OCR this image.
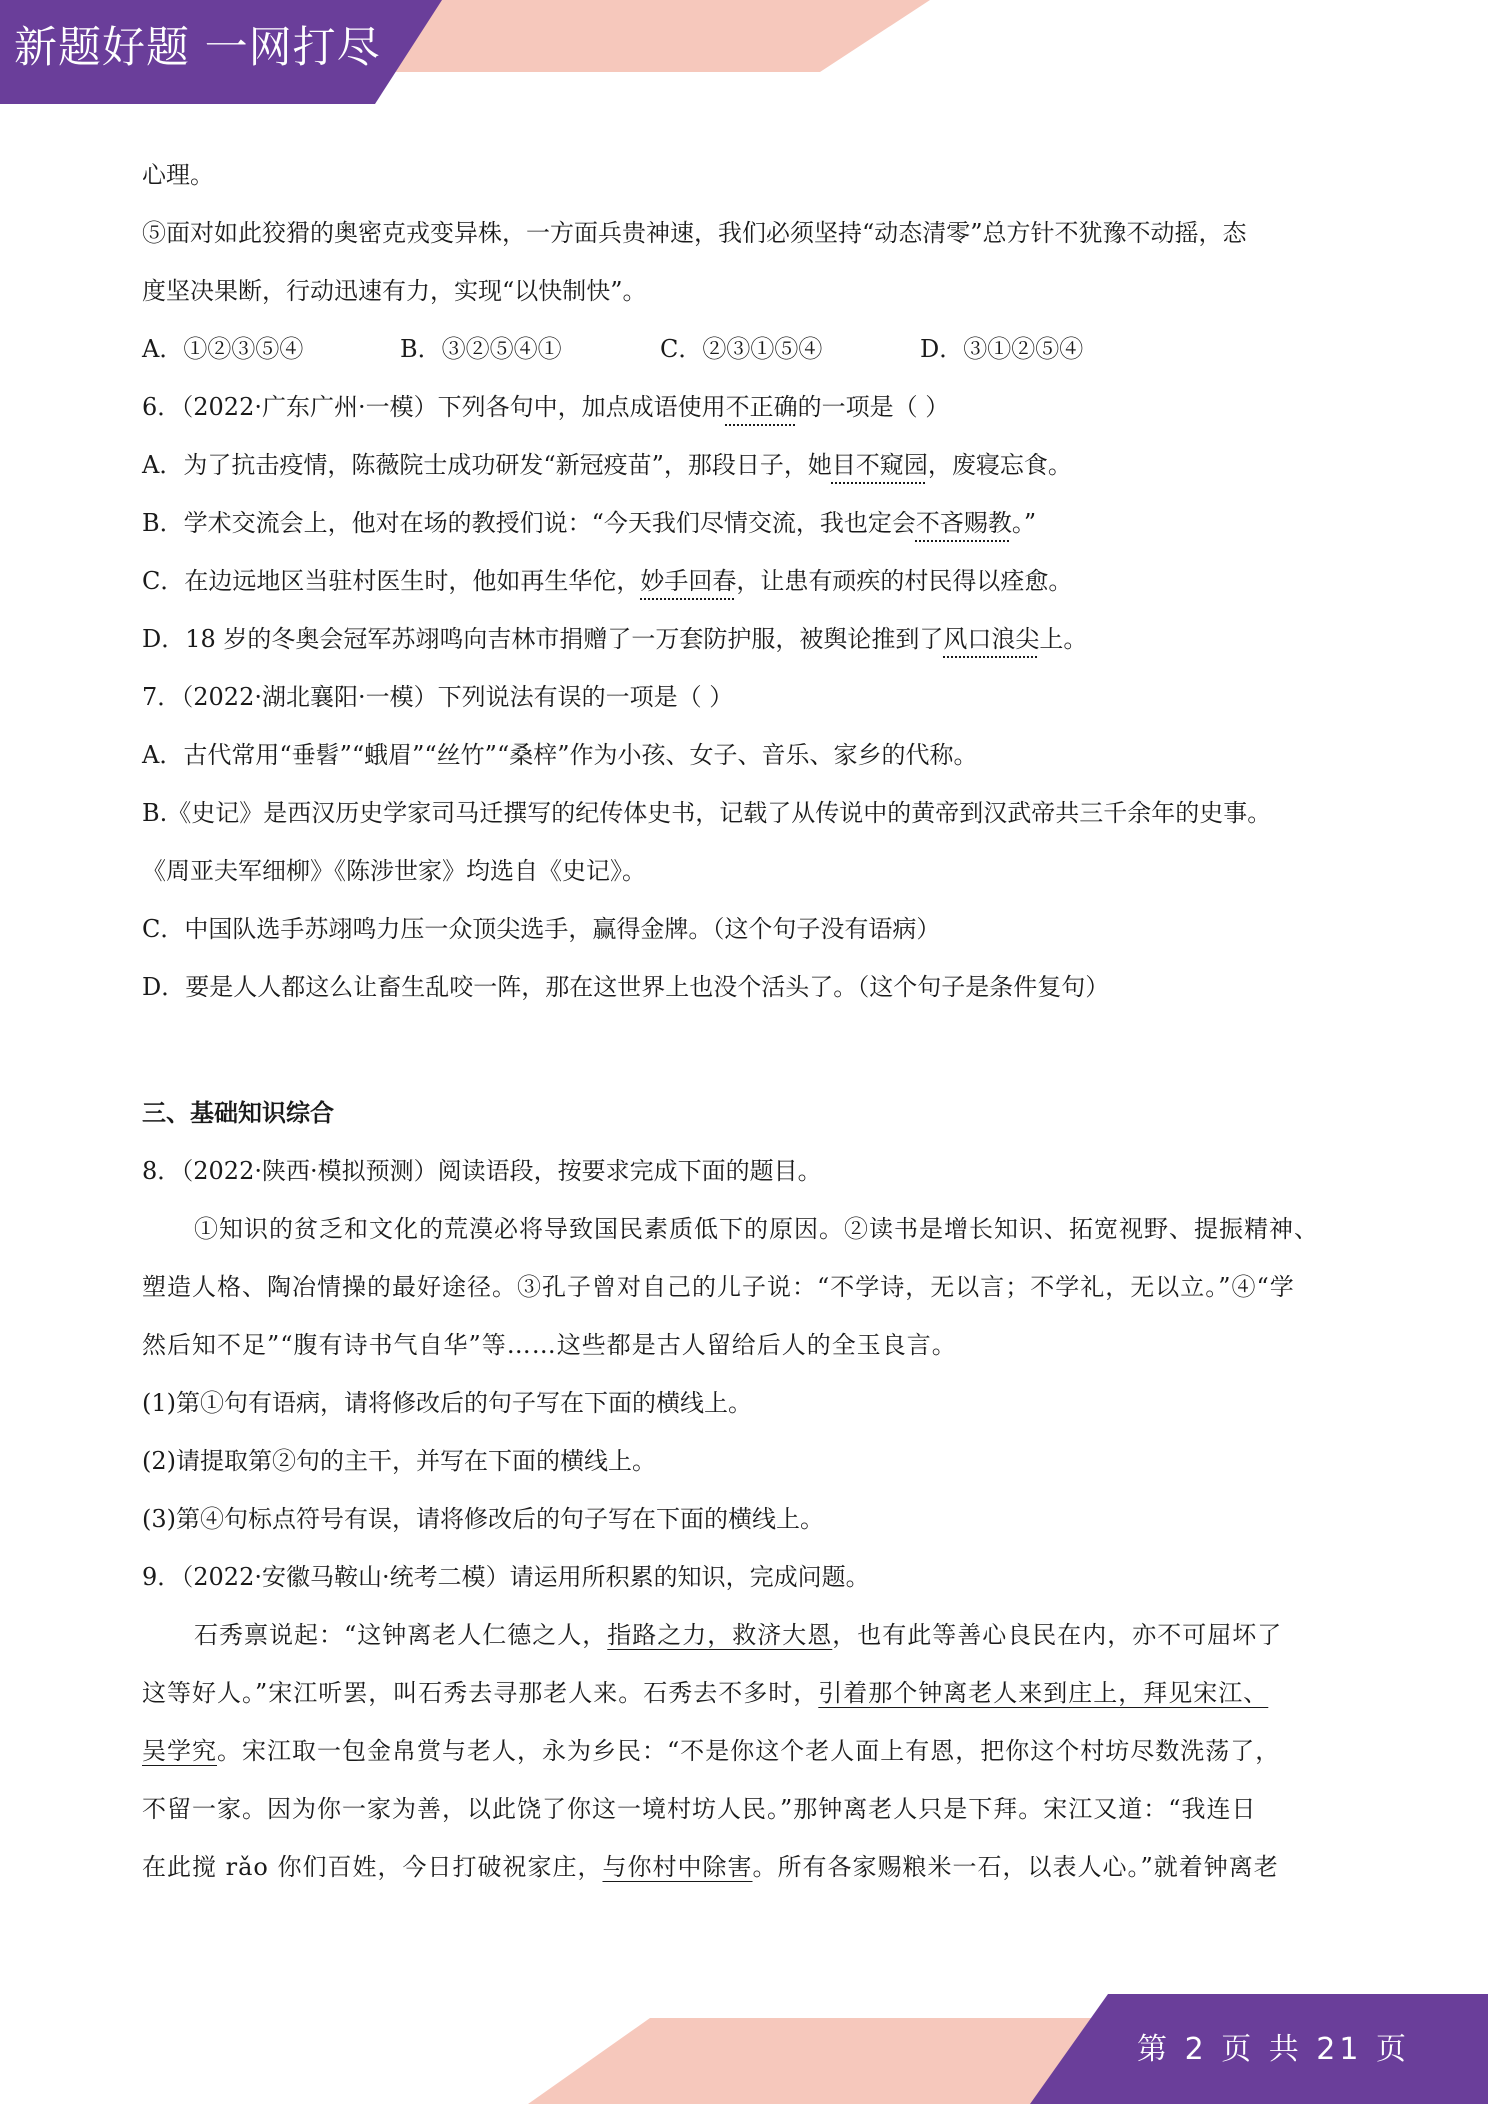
新题好题 一网打尽
心理。
⑤面对如此狡猾的奥密克戎变异株，一方面兵贵神速，我们必须坚持“动态清零”总方针不犹豫不动摇，态
度坚决果断，行动迅速有力，实现“以快制快”。
A．①②③⑤④	B．③②⑤④①	C．②③①⑤④	D．③①②⑤④
6．（2022·广东广州·一模）下列各句中，加点成语使用不正确的一项是（ ）
A．为了抗击疫情，陈薇院士成功研发“新冠疫苗”，那段日子，她目不窥园，废寝忘食。
B．学术交流会上，他对在场的教授们说：“今天我们尽情交流，我也定会不吝赐教。”
C．在边远地区当驻村医生时，他如再生华佗，妙手回春，让患有顽疾的村民得以痊愈。
D．18 岁的冬奥会冠军苏翊鸣向吉林市捐赠了一万套防护服，被舆论推到了风口浪尖上。
7．（2022·湖北襄阳·一模）下列说法有误的一项是（ ）
A．古代常用“垂髫”“蛾眉”“丝竹”“桑梓”作为小孩、女子、音乐、家乡的代称。
B.《史记》是西汉历史学家司马迁撰写的纪传体史书，记载了从传说中的黄帝到汉武帝共三千余年的史事。
《周亚夫军细柳》《陈涉世家》均选自《史记》。
C．中国队选手苏翊鸣力压一众顶尖选手，赢得金牌。（这个句子没有语病）
D．要是人人都这么让畜生乱咬一阵，那在这世界上也没个活头了。（这个句子是条件复句）
三、基础知识综合
8．（2022·陕西·模拟预测）阅读语段，按要求完成下面的题目。
①知识的贫乏和文化的荒漠必将导致国民素质低下的原因。②读书是增长知识、拓宽视野、提振精神、
塑造人格、陶冶情操的最好途径。③孔子曾对自己的儿子说：“不学诗，无以言；不学礼，无以立。”④“学
然后知不足”“腹有诗书气自华”等……这些都是古人留给后人的全玉良言。
(1)第①句有语病，请将修改后的句子写在下面的横线上。
(2)请提取第②句的主干，并写在下面的横线上。
(3)第④句标点符号有误，请将修改后的句子写在下面的横线上。
9．（2022·安徽马鞍山·统考二模）请运用所积累的知识，完成问题。
石秀禀说起：“这钟离老人仁德之人，指路之力，救济大恩，也有此等善心良民在内，亦不可屈坏了
这等好人。”宋江听罢，叫石秀去寻那老人来。石秀去不多时，引着那个钟离老人来到庄上，拜见宋江、
吴学究。宋江取一包金帛赏与老人，永为乡民：“不是你这个老人面上有恩，把你这个村坊尽数洗荡了，
不留一家。因为你一家为善，以此饶了你这一境村坊人民。”那钟离老人只是下拜。宋江又道：“我连日
在此搅 rǎo 你们百姓，今日打破祝家庄，与你村中除害。所有各家赐粮米一石，以表人心。”就着钟离老

第 2 页 共 21 页
